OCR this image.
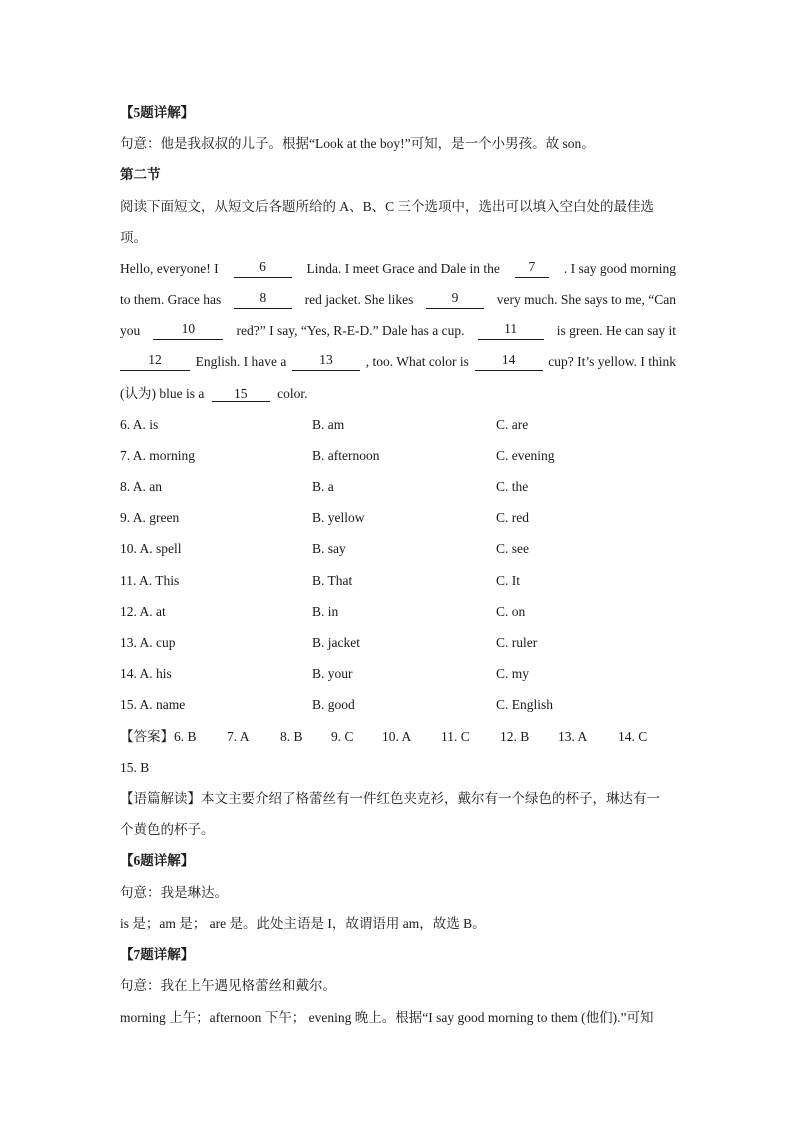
【5题详解】
句意：他是我叔叔的儿子。根据“Look at the boy!”可知，是一个小男孩。故 son。
第二节
阅读下面短文，从短文后各题所给的 A、B、C 三个选项中，选出可以填入空白处的最佳选
项。
Hello, everyone! I	6	Linda. I meet Grace and Dale in the	7	. I say good morning
to them. Grace has	8	red jacket. She likes	9	very much. She says to me, “Can
you	10	red?” I say, “Yes, R-E-D.” Dale has a cup.	11	is green. He can say it
12	English. I have a	13	, too. What color is	14	cup? It’s yellow. I think
(认为) blue is a 15 color.
6. A. is	B. am	C. are
7. A. morning	B. afternoon	C. evening
8. A. an	B. a	C. the
9. A. green	B. yellow	C. red
10. A. spell	B. say	C. see
11. A. This	B. That	C. It
12. A. at	B. in	C. on
13. A. cup	B. jacket	C. ruler
14. A. his	B. your	C. my
15. A. name	B. good	C. English
【答案】6. B 7. A 8. B 9. C 10. A 11. C 12. B 13. A 14. C
15. B
【语篇解读】本文主要介绍了格蕾丝有一件红色夹克衫，戴尔有一个绿色的杯子，琳达有一
个黄色的杯子。
【6题详解】
句意：我是琳达。
is 是；am 是； are 是。此处主语是 I，故谓语用 am，故选 B。
【7题详解】
句意：我在上午遇见格蕾丝和戴尔。
morning 上午；afternoon 下午； evening 晚上。根据“I say good morning to them (他们).”可知
